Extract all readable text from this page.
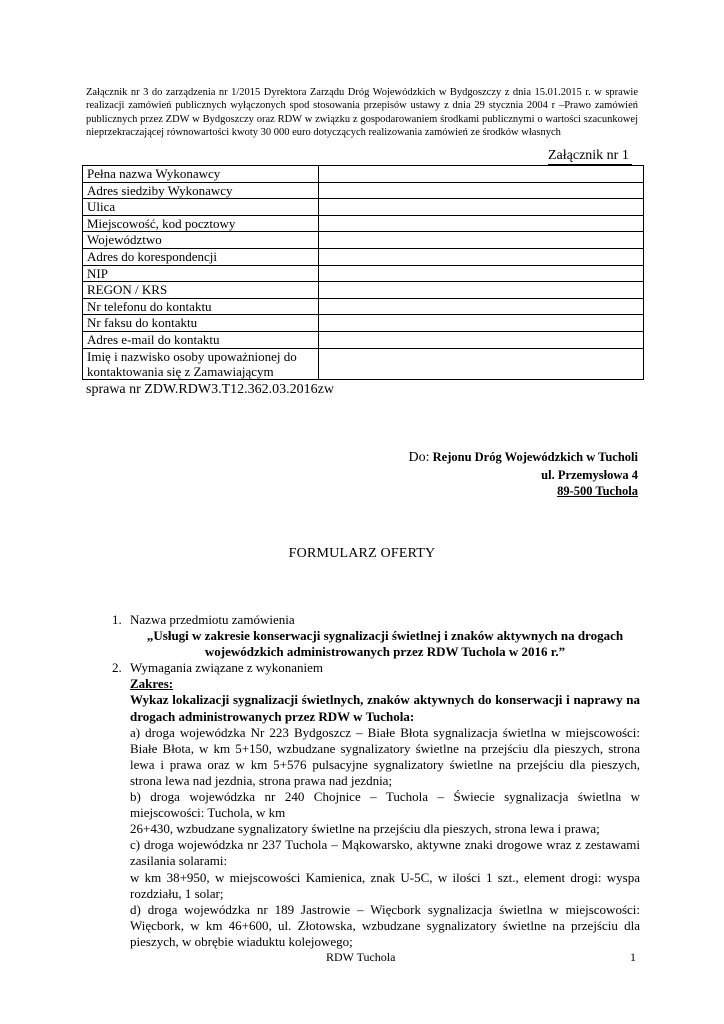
Załącznik nr 3 do zarządzenia nr 1/2015 Dyrektora Zarządu Dróg Wojewódzkich w Bydgoszczy z dnia 15.01.2015 r. w sprawie realizacji zamówień publicznych wyłączonych spod stosowania przepisów ustawy z dnia 29 stycznia 2004 r –Prawo zamówień publicznych przez ZDW w Bydgoszczy oraz RDW w związku z gospodarowaniem środkami publicznymi o wartości szacunkowej nieprzekraczającej równowartości kwoty 30 000 euro dotyczących realizowania zamówień ze środków własnych
Załącznik nr 1
Pełna nazwa Wykonawcy	
Adres siedziby Wykonawcy	
Ulica	
Miejscowość, kod pocztowy	
Województwo	
Adres do korespondencji	
NIP	
REGON / KRS	
Nr telefonu do kontaktu	
Nr faksu do kontaktu	
Adres e-mail do kontaktu	
Imię i nazwisko osoby upoważnionej do kontaktowania się z Zamawiającym	
sprawa nr ZDW.RDW3.T12.362.03.2016zw
Do: Rejonu Dróg Wojewódzkich w Tucholi
ul. Przemysłowa 4
89-500 Tuchola
FORMULARZ OFERTY
1. Nazwa przedmiotu zamówienia
„Usługi w zakresie konserwacji sygnalizacji świetlnej i znaków aktywnych na drogach wojewódzkich administrowanych przez RDW Tuchola w 2016 r.”
2. Wymagania związane z wykonaniem
Zakres:
Wykaz lokalizacji sygnalizacji świetlnych, znaków aktywnych do konserwacji i naprawy na drogach administrowanych przez RDW w Tuchola:
a) droga wojewódzka Nr 223 Bydgoszcz – Białe Błota sygnalizacja świetlna w miejscowości: Białe Błota, w km 5+150, wzbudzane sygnalizatory świetlne na przejściu dla pieszych, strona lewa i prawa oraz w km 5+576 pulsacyjne sygnalizatory świetlne na przejściu dla pieszych, strona lewa nad jezdnia, strona prawa nad jezdnia;
b) droga wojewódzka nr 240 Chojnice – Tuchola – Świecie sygnalizacja świetlna w miejscowości: Tuchola, w km
26+430, wzbudzane sygnalizatory świetlne na przejściu dla pieszych, strona lewa i prawa;
c) droga wojewódzka nr 237 Tuchola – Mąkowarsko, aktywne znaki drogowe wraz z zestawami zasilania solarami:
w km 38+950, w miejscowości Kamienica, znak U-5C, w ilości 1 szt., element drogi: wyspa rozdziału, 1 solar;
d) droga wojewódzka nr 189 Jastrowie – Więcbork sygnalizacja świetlna w miejscowości: Więcbork, w km 46+600, ul. Złotowska, wzbudzane sygnalizatory świetlne na przejściu dla pieszych, w obrębie wiaduktu kolejowego;
RDW Tuchola	1
